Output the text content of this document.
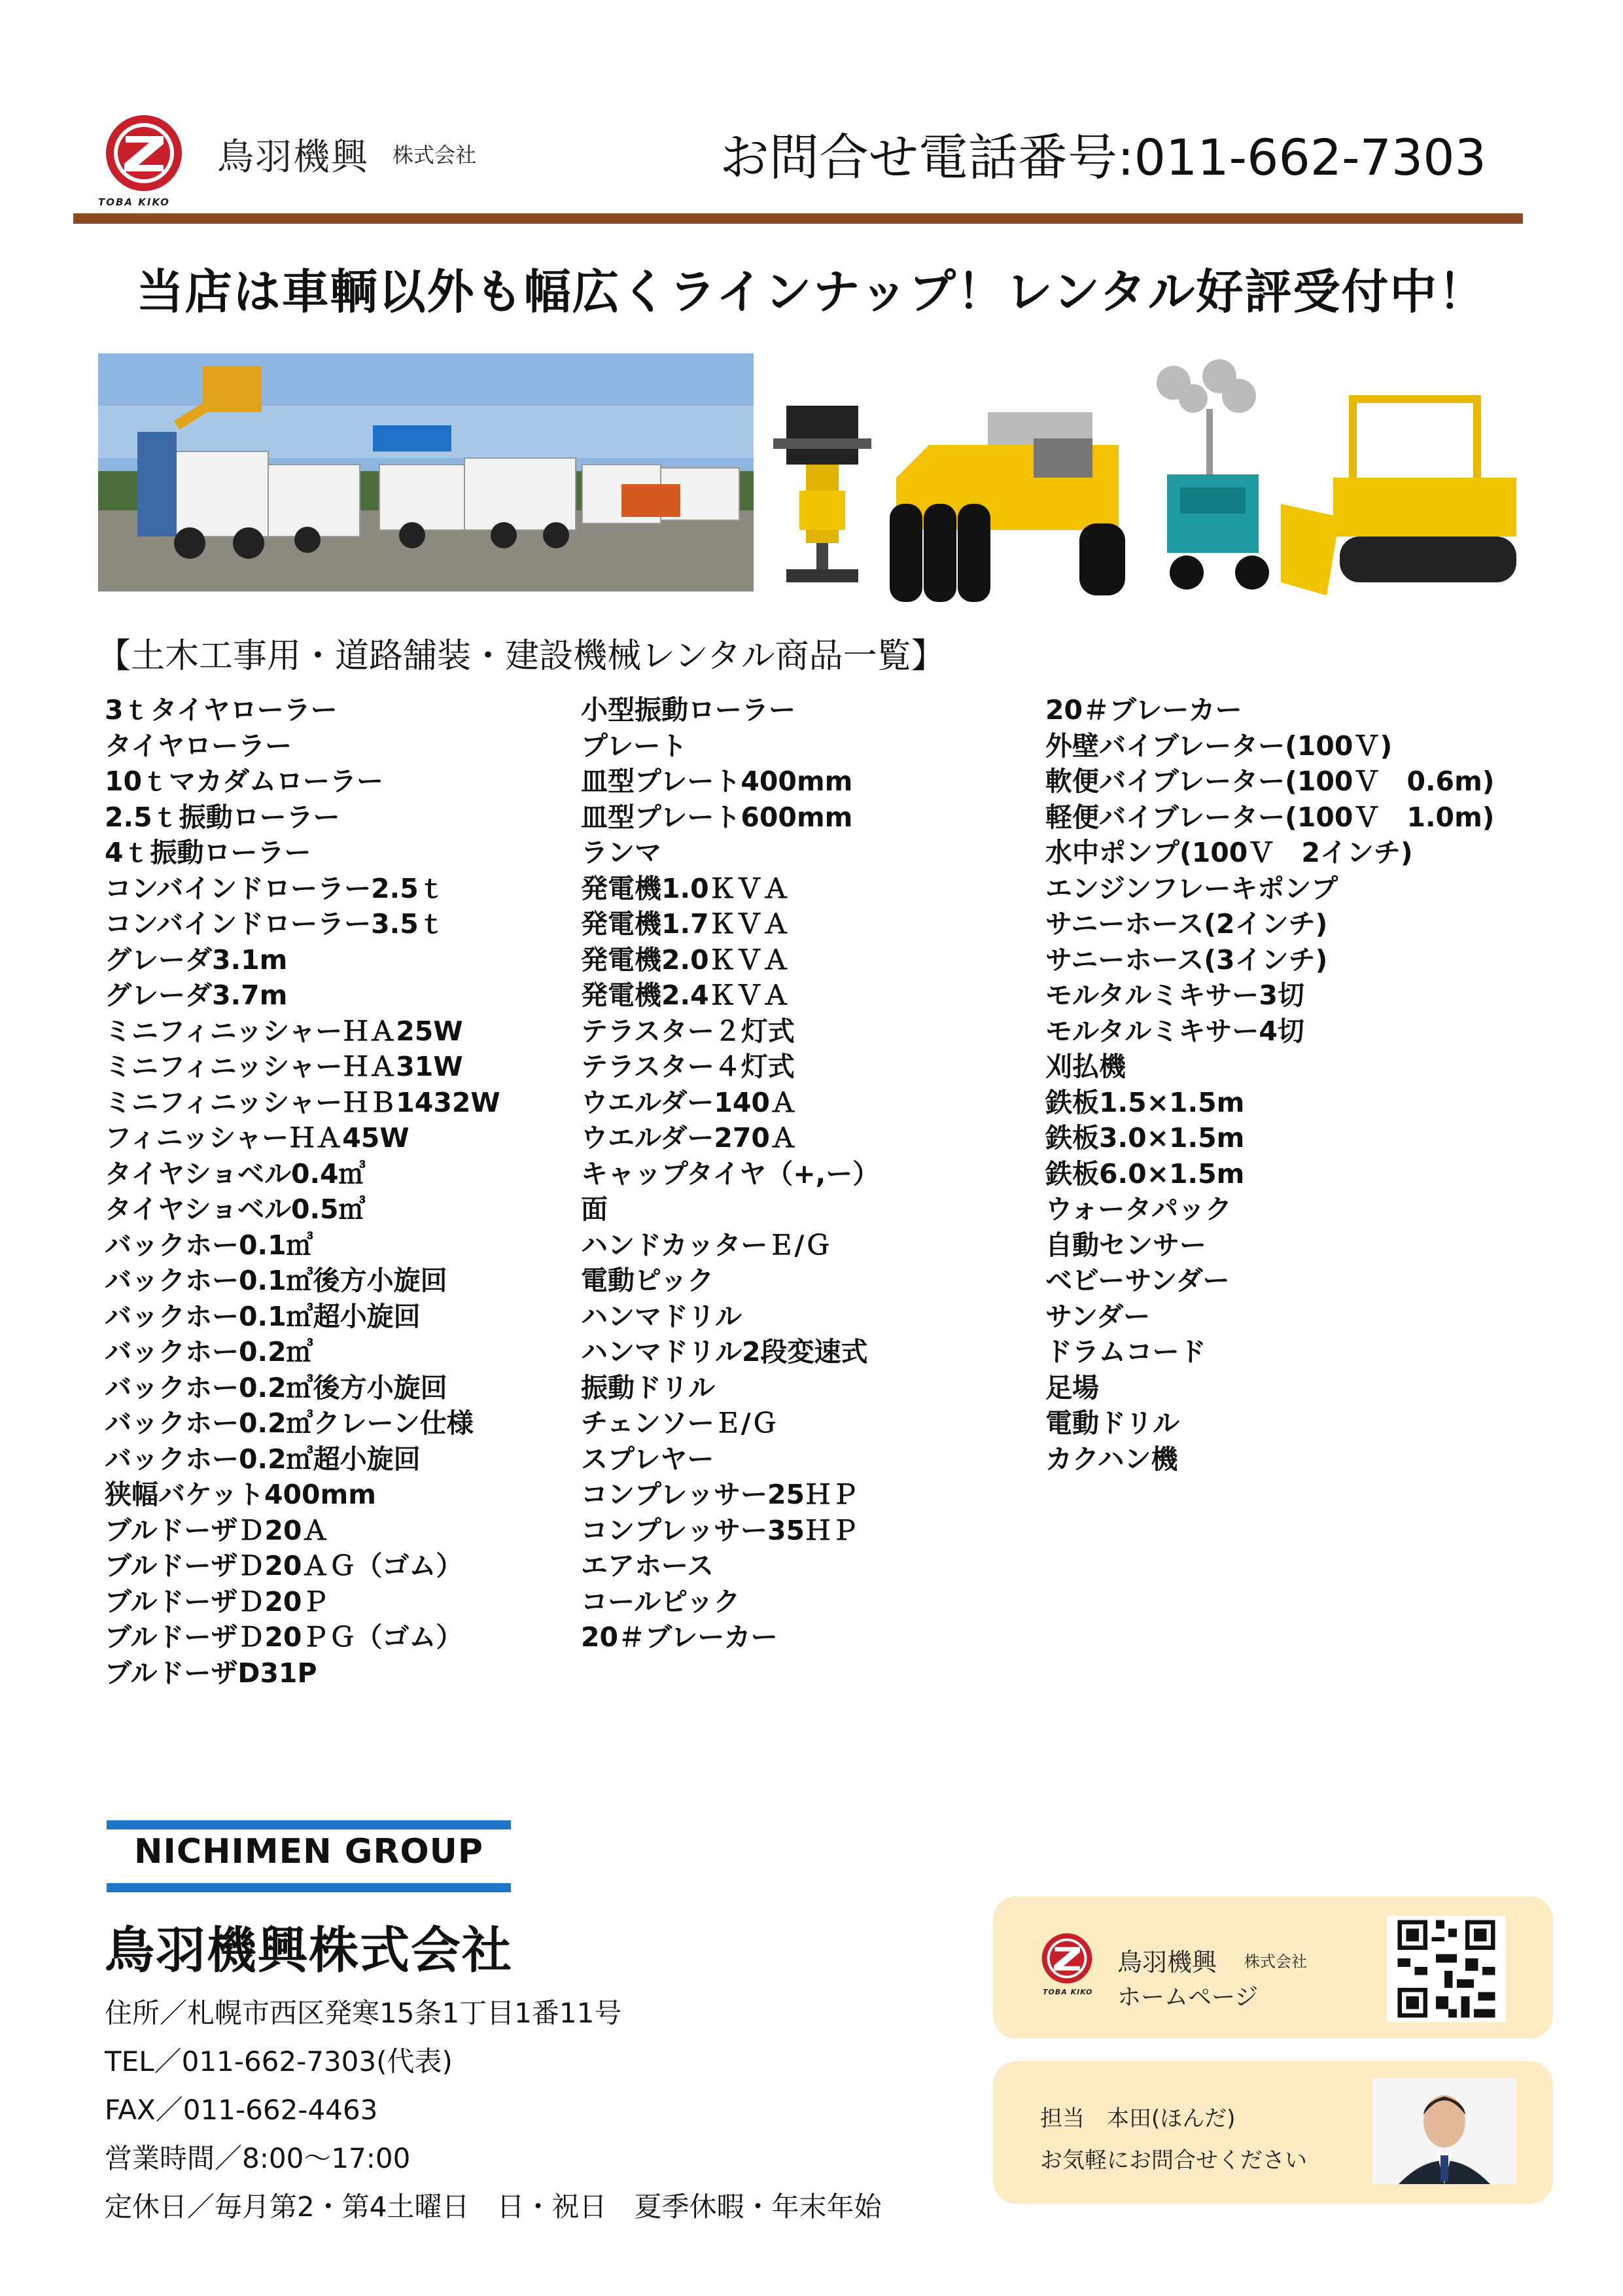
TOBA KIKO
鳥羽機興 株式会社	お問合せ電話番号:011-662-7303
当店は車輌以外も幅広くラインナップ！レンタル好評受付中！
【土木工事用・道路舗装・建設機械レンタル商品一覧】
3ｔタイヤローラー
タイヤローラー
10ｔマカダムローラー
2.5ｔ振動ローラー
4ｔ振動ローラー
コンバインドローラー2.5ｔ
コンバインドローラー3.5ｔ
グレーダ3.1m
グレーダ3.7m
ミニフィニッシャーＨＡ25W
ミニフィニッシャーＨＡ31W
ミニフィニッシャーＨＢ1432W
フィニッシャーＨＡ45W
タイヤショベル0.4㎥
タイヤショベル0.5㎥
バックホー0.1㎥
バックホー0.1㎥後方小旋回
バックホー0.1㎥超小旋回
バックホー0.2㎥
バックホー0.2㎥後方小旋回
バックホー0.2㎥クレーン仕様
バックホー0.2㎥超小旋回
狭幅バケット400mm
ブルドーザＤ20Ａ
ブルドーザＤ20ＡＧ（ゴム）
ブルドーザＤ20Ｐ
ブルドーザＤ20ＰＧ（ゴム）
ブルドーザD31P
小型振動ローラー
プレート
皿型プレート400mm
皿型プレート600mm
ランマ
発電機1.0ＫＶＡ
発電機1.7ＫＶＡ
発電機2.0ＫＶＡ
発電機2.4ＫＶＡ
テラスター２灯式
テラスター４灯式
ウエルダー140Ａ
ウエルダー270Ａ
キャップタイヤ（+,ー）
面
ハンドカッターＥ/Ｇ
電動ピック
ハンマドリル
ハンマドリル2段変速式
振動ドリル
チェンソーＥ/Ｇ
スプレヤー
コンプレッサー25ＨＰ
コンプレッサー35ＨＰ
エアホース
コールピック
20＃ブレーカー
20＃ブレーカー
外壁バイブレーター(100Ｖ)
軟便バイブレーター(100Ｖ　0.6m)
軽便バイブレーター(100Ｖ　1.0m)
水中ポンプ(100Ｖ　2インチ)
エンジンフレーキポンプ
サニーホース(2インチ)
サニーホース(3インチ)
モルタルミキサー3切
モルタルミキサー4切
刈払機
鉄板1.5×1.5m
鉄板3.0×1.5m
鉄板6.0×1.5m
ウォータパック
自動センサー
ベビーサンダー
サンダー
ドラムコード
足場
電動ドリル
カクハン機
NICHIMEN GROUP
鳥羽機興株式会社
住所／札幌市西区発寒15条1丁目1番11号
TEL／011-662-7303(代表)
FAX／011-662-4463
営業時間／8:00～17:00
定休日／毎月第2・第4土曜日　日・祝日　夏季休暇・年末年始
TOBA KIKO
鳥羽機興 株式会社
ホームページ
担当　本田(ほんだ)
お気軽にお問合せください
